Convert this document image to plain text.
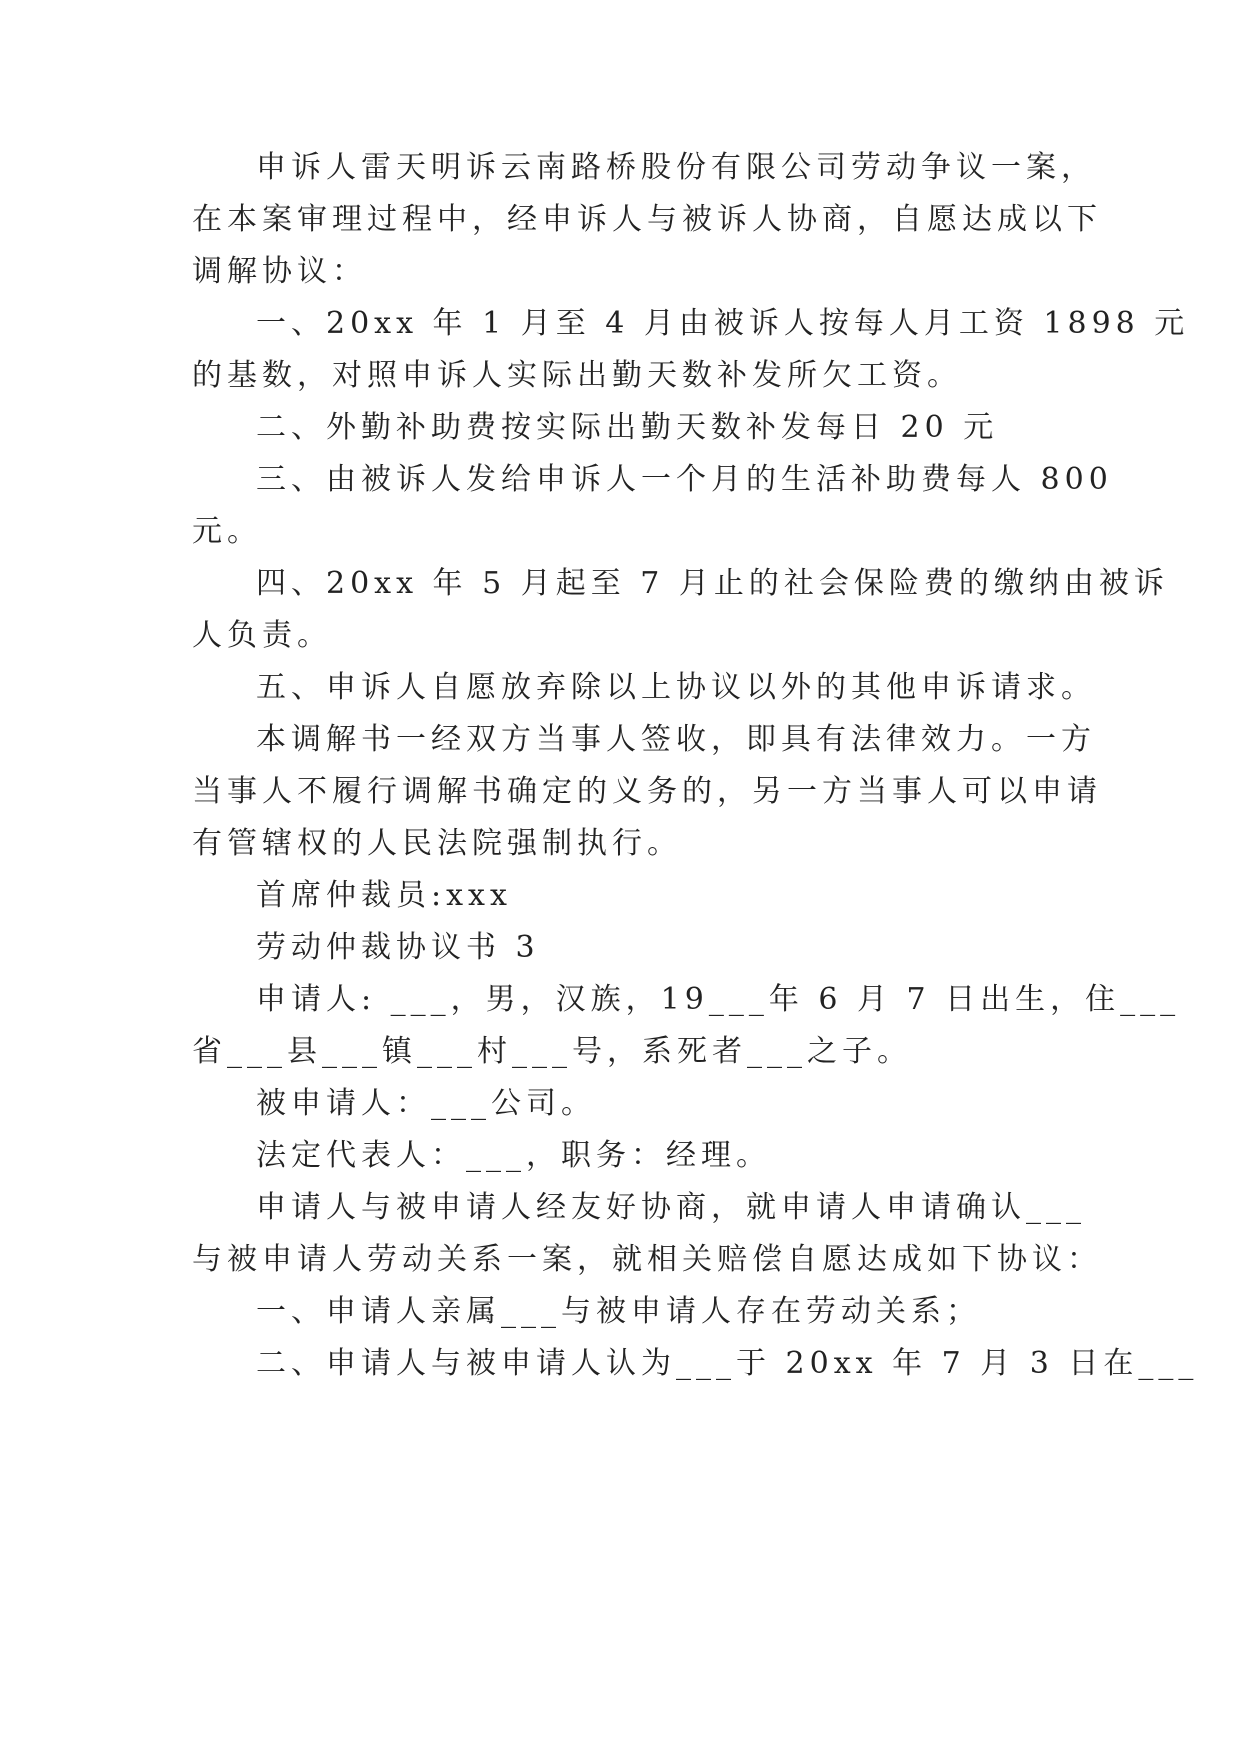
申诉人雷天明诉云南路桥股份有限公司劳动争议一案，
在本案审理过程中，经申诉人与被诉人协商，自愿达成以下
调解协议：
一、20xx 年 1 月至 4 月由被诉人按每人月工资 1898 元
的基数，对照申诉人实际出勤天数补发所欠工资。
二、外勤补助费按实际出勤天数补发每日 20 元
三、由被诉人发给申诉人一个月的生活补助费每人 800
元。
四、20xx 年 5 月起至 7 月止的社会保险费的缴纳由被诉
人负责。
五、申诉人自愿放弃除以上协议以外的其他申诉请求。
本调解书一经双方当事人签收，即具有法律效力。一方
当事人不履行调解书确定的义务的，另一方当事人可以申请
有管辖权的人民法院强制执行。
首席仲裁员:xxx
劳动仲裁协议书 3
申请人: ___，男，汉族，19___年 6 月 7 日出生，住___
省___县___镇___村___号，系死者___之子。
被申请人：___公司。
法定代表人：___，职务：经理。
申请人与被申请人经友好协商，就申请人申请确认___
与被申请人劳动关系一案，就相关赔偿自愿达成如下协议：
一、申请人亲属___与被申请人存在劳动关系；
二、申请人与被申请人认为___于 20xx 年 7 月 3 日在___
